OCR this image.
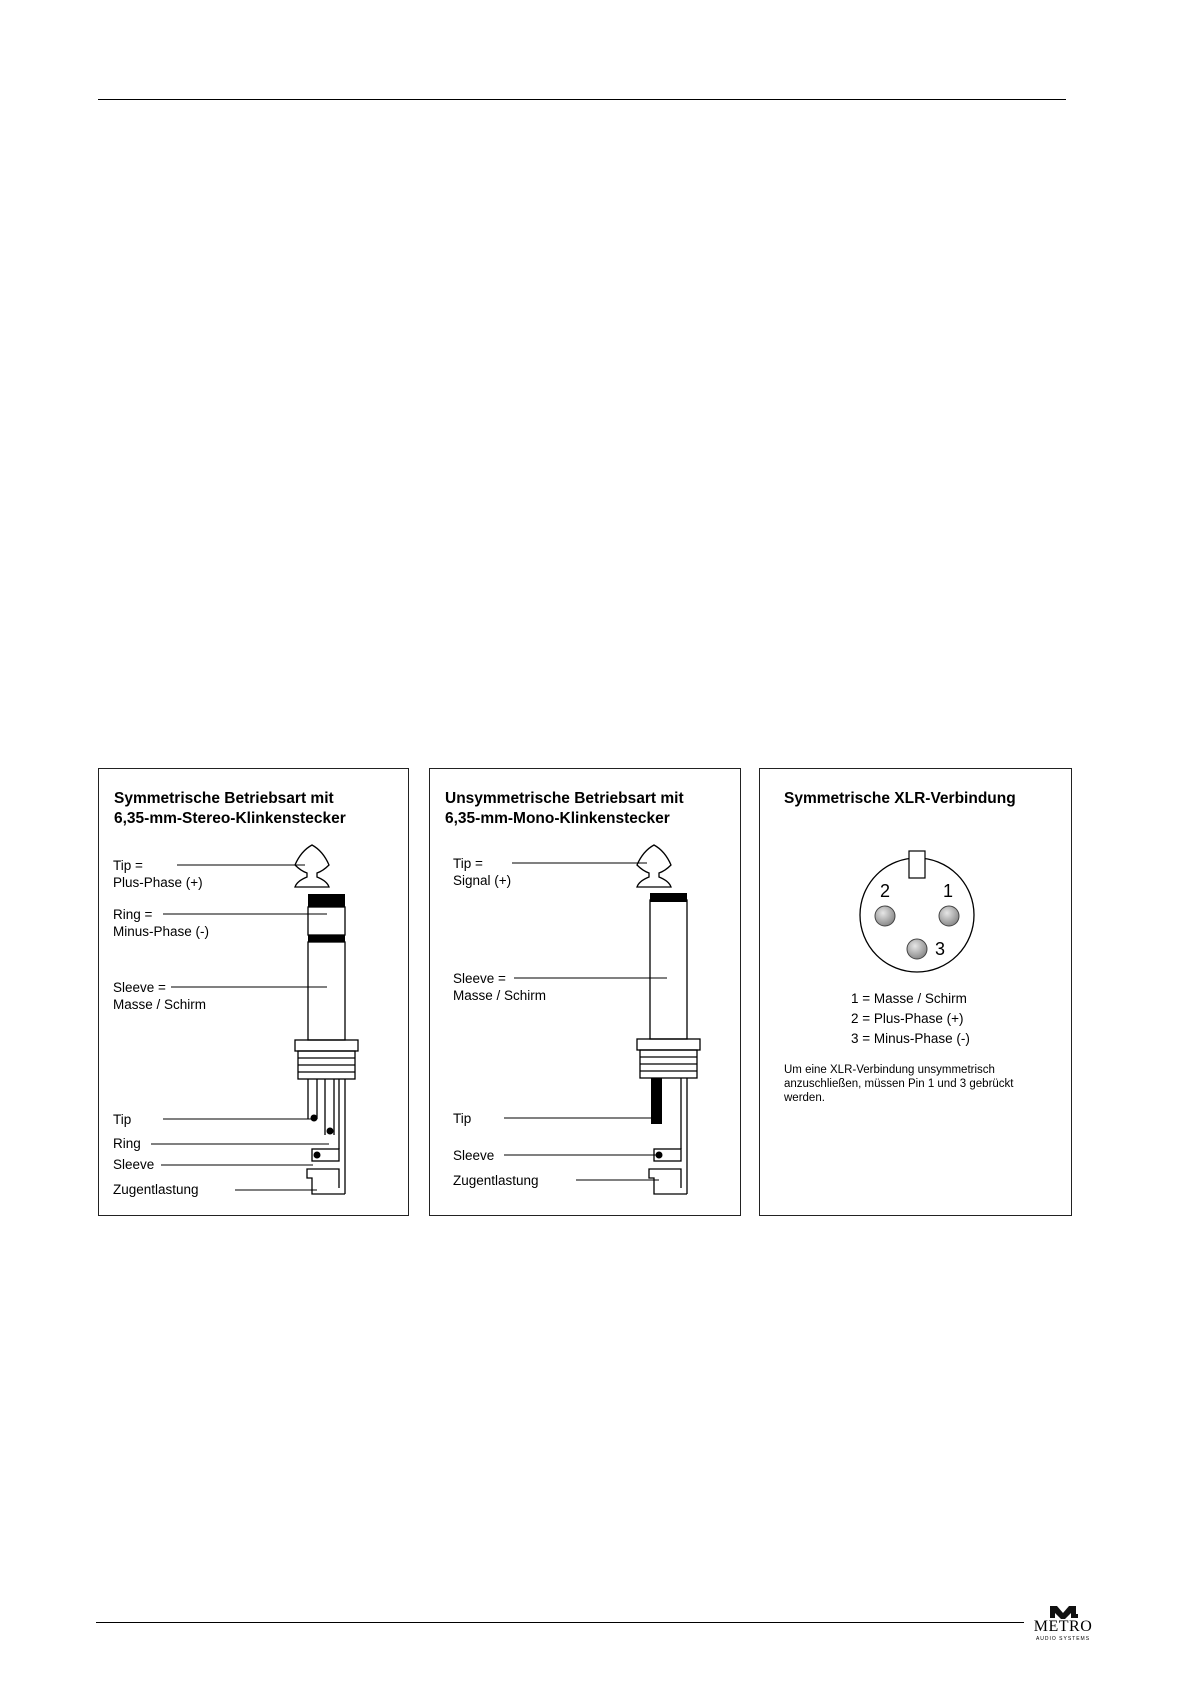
Symmetrische Betriebsart mit
6,35-mm-Stereo-Klinkenstecker
Tip =
Plus-Phase (+)
Ring =
Minus-Phase (-)
Sleeve =
Masse / Schirm
Tip
Ring
Sleeve
Zugentlastung
Unsymmetrische Betriebsart mit
6,35-mm-Mono-Klinkenstecker
Tip =
Signal (+)
Sleeve =
Masse / Schirm
Tip
Sleeve
Zugentlastung
Symmetrische XLR-Verbindung
2	1
3
1 = Masse / Schirm
2 = Plus-Phase (+)
3 = Minus-Phase (-)
Um eine XLR-Verbindung unsymmetrisch anzuschließen, müssen Pin 1 und 3 gebrückt werden.
METRO
AUDIO SYSTEMS
